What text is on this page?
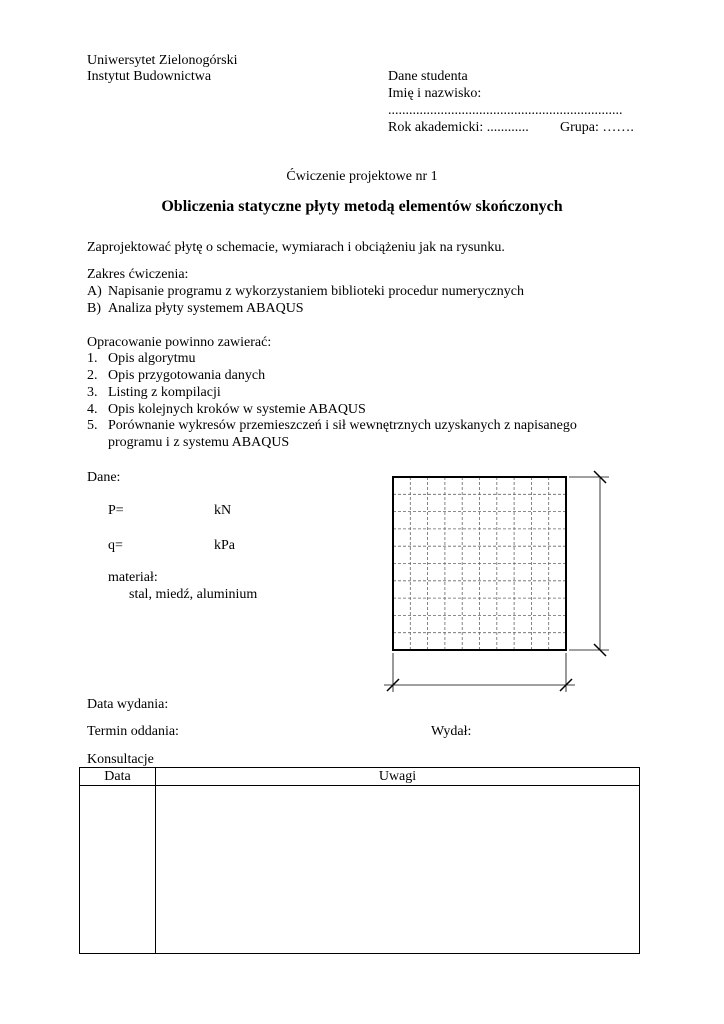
Uniwersytet Zielonogórski
Instytut Budownictwa	Dane studenta
Imię i nazwisko:
...................................................................
Rok akademicki: ............ Grupa: …….
Ćwiczenie projektowe nr 1
Obliczenia statyczne płyty metodą elementów skończonych
Zaprojektować płytę o schemacie, wymiarach i obciążeniu jak na rysunku.
Zakres ćwiczenia:
A) Napisanie programu z wykorzystaniem biblioteki procedur numerycznych
B) Analiza płyty systemem ABAQUS
Opracowanie powinno zawierać:
1. Opis algorytmu
2. Opis przygotowania danych
3. Listing z kompilacji
4. Opis kolejnych kroków w systemie ABAQUS
5. Porównanie wykresów przemieszczeń i sił wewnętrznych uzyskanych z napisanego
programu i z systemu ABAQUS
Dane:
P=	kN
q=	kPa
materiał:
stal, miedź, aluminium
Data wydania:
Termin oddania:	Wydał:
Konsultacje
Data	Uwagi
